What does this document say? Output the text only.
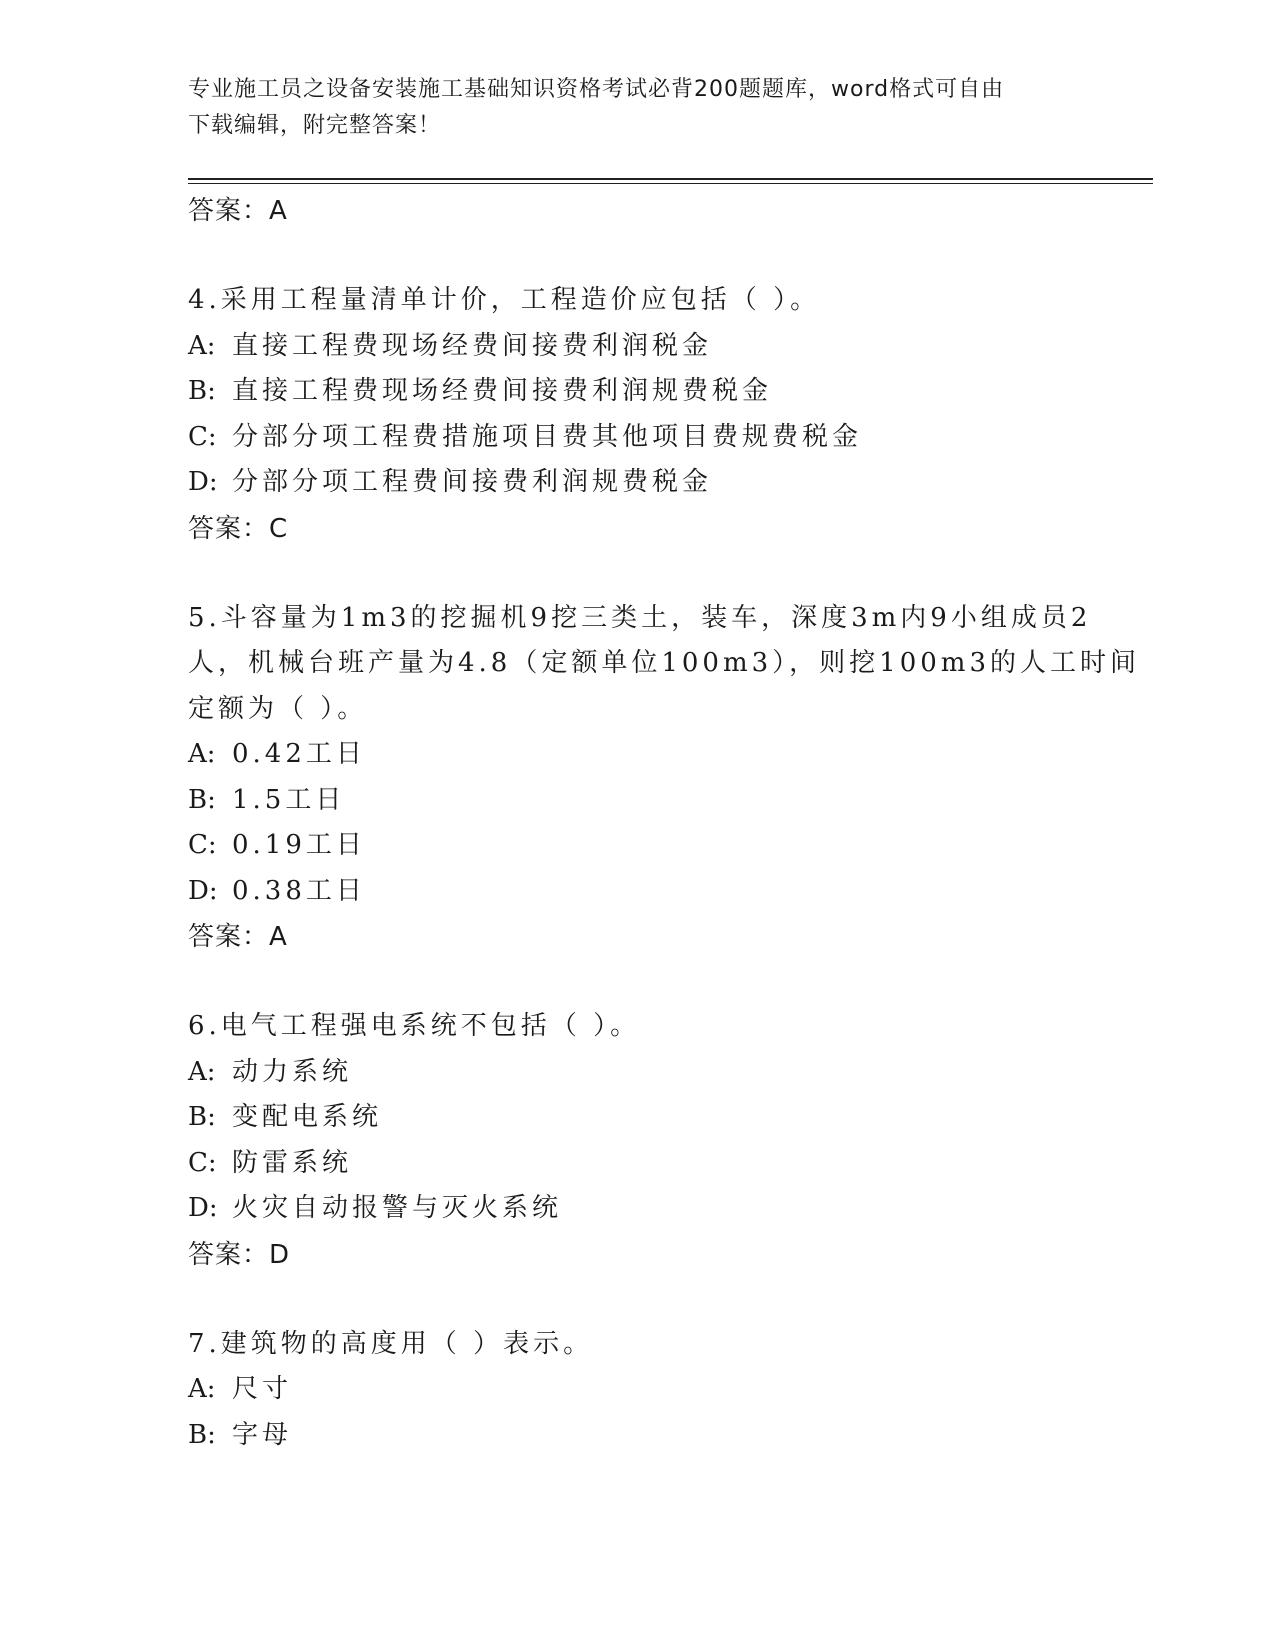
专业施工员之设备安装施工基础知识资格考试必背200题题库，word格式可自由
下载编辑，附完整答案！
答案：A
4.采用工程量清单计价，工程造价应包括（ ）。
A: 直接工程费现场经费间接费利润税金
B: 直接工程费现场经费间接费利润规费税金
C: 分部分项工程费措施项目费其他项目费规费税金
D: 分部分项工程费间接费利润规费税金
答案：C
5.斗容量为1m3的挖掘机9挖三类土，装车，深度3m内9小组成员2
人，机械台班产量为4.8（定额单位100m3），则挖100m3的人工时间
定额为（ ）。
A: 0.42工日
B: 1.5工日
C: 0.19工日
D: 0.38工日
答案：A
6.电气工程强电系统不包括（ ）。
A: 动力系统
B: 变配电系统
C: 防雷系统
D: 火灾自动报警与灭火系统
答案：D
7.建筑物的高度用（ ）表示。
A: 尺寸
B: 字母
